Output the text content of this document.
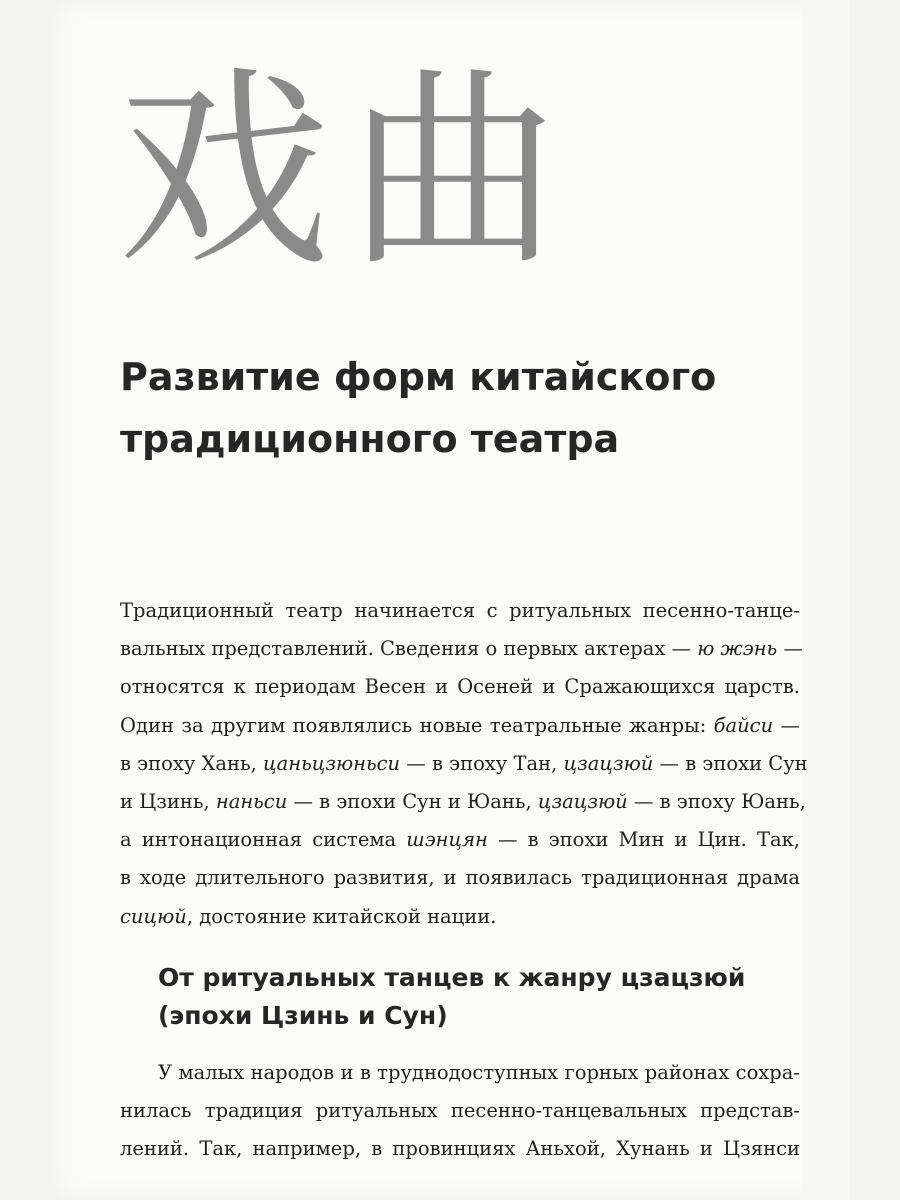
戏 曲
Развитие форм китайского
традиционного театра
Традиционный театр начинается с ритуальных песенно-танце-
вальных представлений. Сведения о первых актерах — ю жэнь —
относятся к периодам Весен и Осеней и Сражающихся царств.
Один за другим появлялись новые театральные жанры: байси —
в эпоху Хань, цаньцзюньси — в эпоху Тан, цзацзюй — в эпохи Сун
и Цзинь, наньси — в эпохи Сун и Юань, цзацзюй — в эпоху Юань,
а интонационная система шэнцян — в эпохи Мин и Цин. Так,
в ходе длительного развития, и появилась традиционная драма
сицюй, достояние китайской нации.
От ритуальных танцев к жанру цзацзюй
(эпохи Цзинь и Сун)
У малых народов и в труднодоступных горных районах сохра-
нилась традиция ритуальных песенно-танцевальных представ-
лений. Так, например, в провинциях Аньхой, Хунань и Цзянси
